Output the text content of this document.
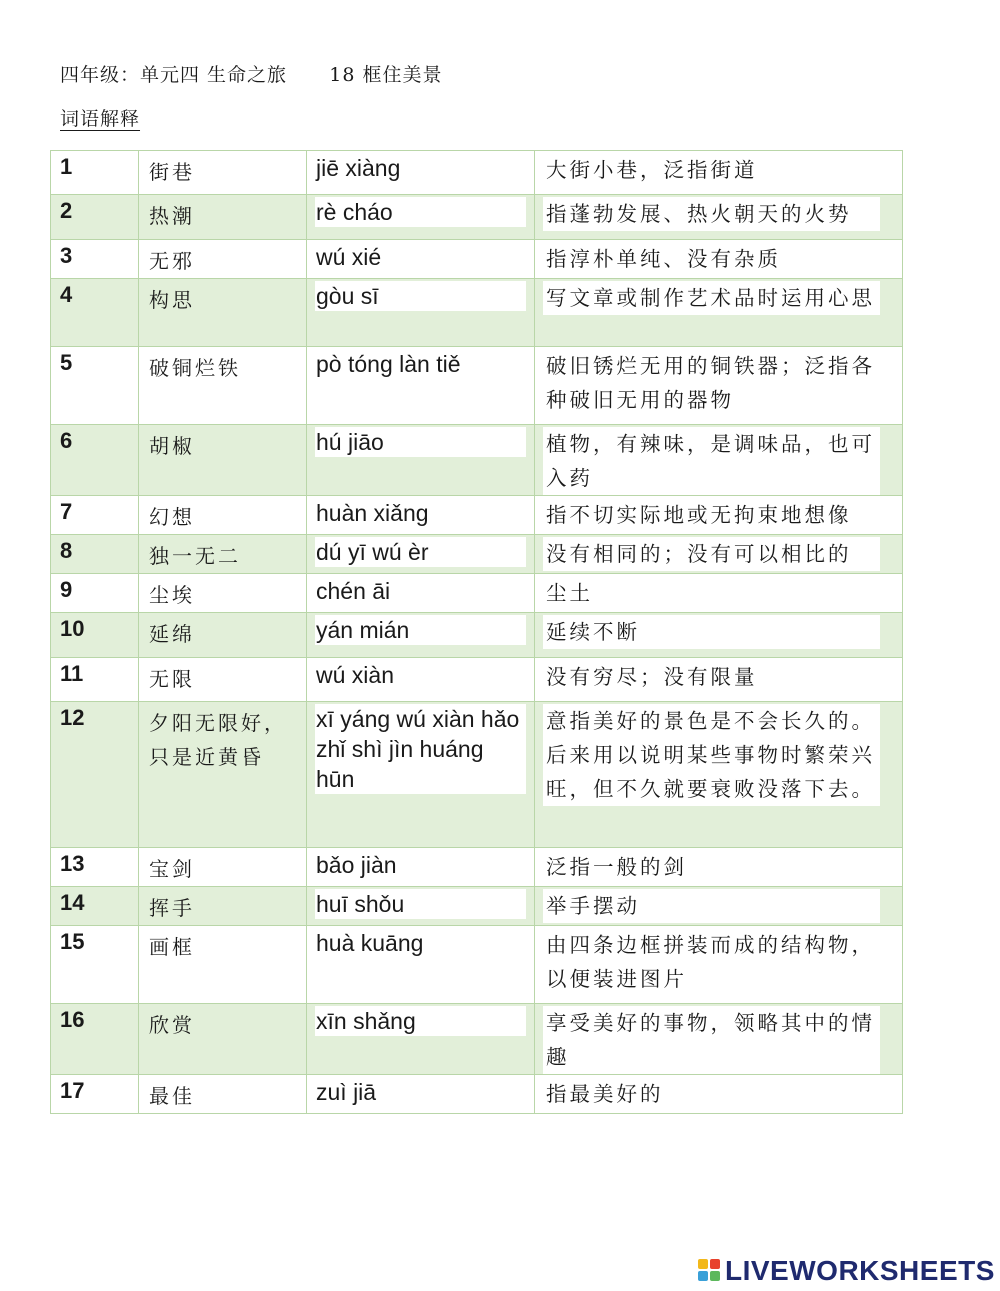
四年级：单元四 生命之旅 18 框住美景
词语解释
1	街巷	jiē xiàng	大街小巷，泛指街道

2	热潮	rè cháo	指蓬勃发展、热火朝天的火势

3	无邪	wú xié	指淳朴单纯、没有杂质

4	构思	gòu sī	写文章或制作艺术品时运用心思

5	破铜烂铁	pò tóng làn tiě	破旧锈烂无用的铜铁器；泛指各种破旧无用的器物

6	胡椒	hú jiāo	植物，有辣味，是调味品，也可入药

7	幻想	huàn xiǎng	指不切实际地或无拘束地想像

8	独一无二	dú yī wú èr	没有相同的；没有可以相比的

9	尘埃	chén āi	尘土

10	延绵	yán mián	延续不断

11	无限	wú xiàn	没有穷尽；没有限量

12	夕阳无限好，只是近黄昏	xī yáng wú xiàn hǎo zhǐ shì jìn huáng hūn	意指美好的景色是不会长久的。后来用以说明某些事物时繁荣兴旺，但不久就要衰败没落下去。

13	宝剑	bǎo jiàn	泛指一般的剑

14	挥手	huī shǒu	举手摆动

15	画框	huà kuāng	由四条边框拼装而成的结构物，以便装进图片

16	欣赏	xīn shǎng	享受美好的事物，领略其中的情趣

17	最佳	zuì jiā	指最美好的
LIVEWORKSHEETS
